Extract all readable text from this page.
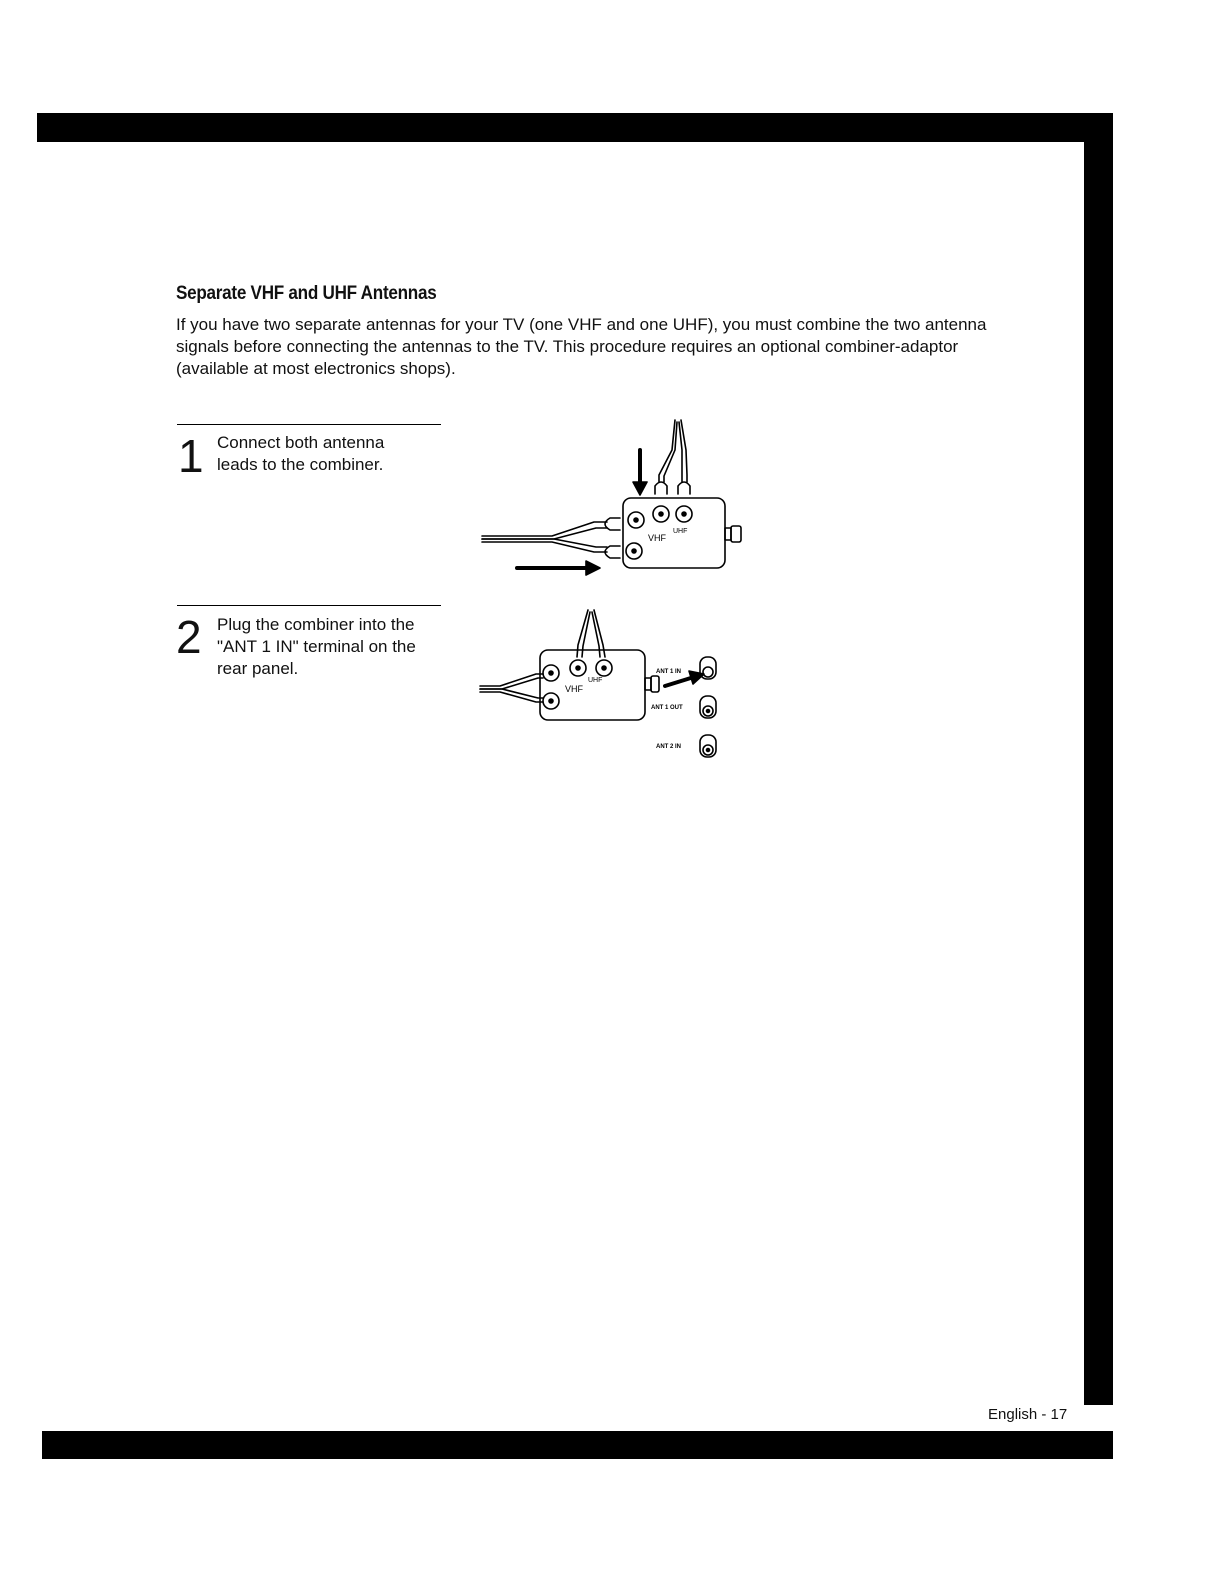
Separate VHF and UHF Antennas

If you have two separate antennas for your TV (one VHF and one UHF), you must combine the two antenna signals before connecting the antennas to the TV. This procedure requires an optional combiner-adaptor (available at most electronics shops).

1 Connect both antenna leads to the combiner.

2 Plug the combiner into the "ANT 1 IN" terminal on the rear panel.

VHF
UHF
VHF
UHF
ANT 1 IN
ANT 1 OUT
ANT 2 IN
English - 17
